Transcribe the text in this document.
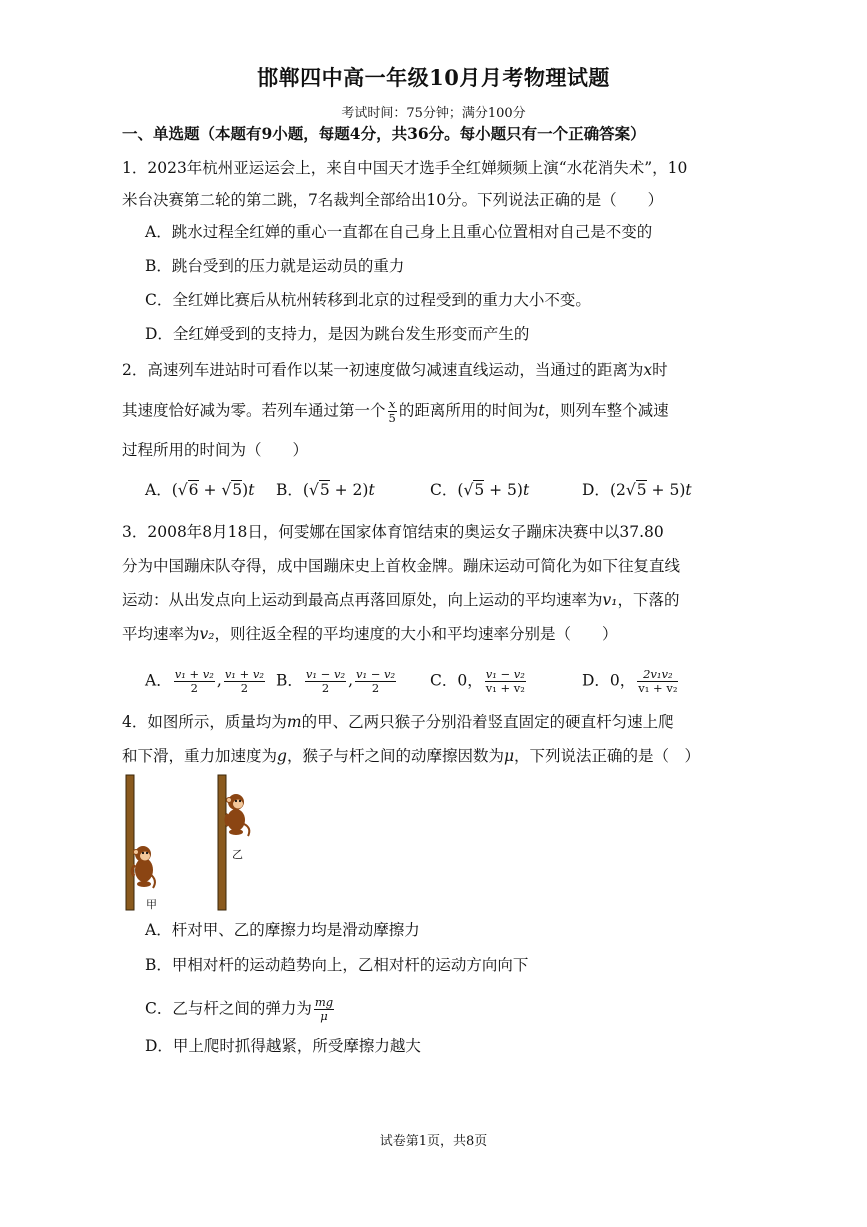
邯郸四中高一年级10月月考物理试题
考试时间：75分钟；满分100分
一、单选题（本题有9小题，每题4分，共36分。每小题只有一个正确答案）
1．2023年杭州亚运运会上，来自中国天才选手全红婵频频上演“水花消失术”，10
米台决赛第二轮的第二跳，7名裁判全部给出10分。下列说法正确的是（　　）
A．跳水过程全红婵的重心一直都在自己身上且重心位置相对自己是不变的
B．跳台受到的压力就是运动员的重力
C．全红婵比赛后从杭州转移到北京的过程受到的重力大小不变。
D．全红婵受到的支持力，是因为跳台发生形变而产生的
2．高速列车进站时可看作以某一初速度做匀减速直线运动，当通过的距离为x时
其速度恰好减为零。若列车通过第一个 $\frac{x}{5}$ 的距离所用的时间为t，则列车整个减速
过程所用的时间为（　　）
A．(√6 + √5)t B．(√5 + 2)t	C．(√5 + 5)t	D．(2√5 + 5)t
3．2008年8月18日，何雯娜在国家体育馆结束的奥运女子蹦床决赛中以37.80
分为中国蹦床队夺得，成中国蹦床史上首枚金牌。蹦床运动可简化为如下往复直线
运动：从出发点向上运动到最高点再落回原处，向上运动的平均速率为v₁，下落的
平均速率为v₂，则往返全程的平均速度的大小和平均速率分别是（　　）
A． $\frac{\text{v₁ + v₂}}{2}$ , $\frac{\text{v₁ + v₂}}{2}$ B． $\frac{\text{v₁ − v₂}}{2}$ , $\frac{\text{v₁ − v₂}}{2}$ C．0， $\frac{\text{v₁ − v₂}}{\text{v₁ + v₂}}$	D．0， $\frac{\text{2v₁v₂}}{\text{v₁ + v₂}}$
4．如图所示，质量均为m的甲、乙两只猴子分别沿着竖直固定的硬直杆匀速上爬
和下滑，重力加速度为g，猴子与杆之间的动摩擦因数为μ，下列说法正确的是（　）
甲
乙
A．杆对甲、乙的摩擦力均是滑动摩擦力
B．甲相对杆的运动趋势向上，乙相对杆的运动方向向下
C．乙与杆之间的弹力为 $\frac{mg}{\mu}$
D．甲上爬时抓得越紧，所受摩擦力越大
试卷第1页，共8页
